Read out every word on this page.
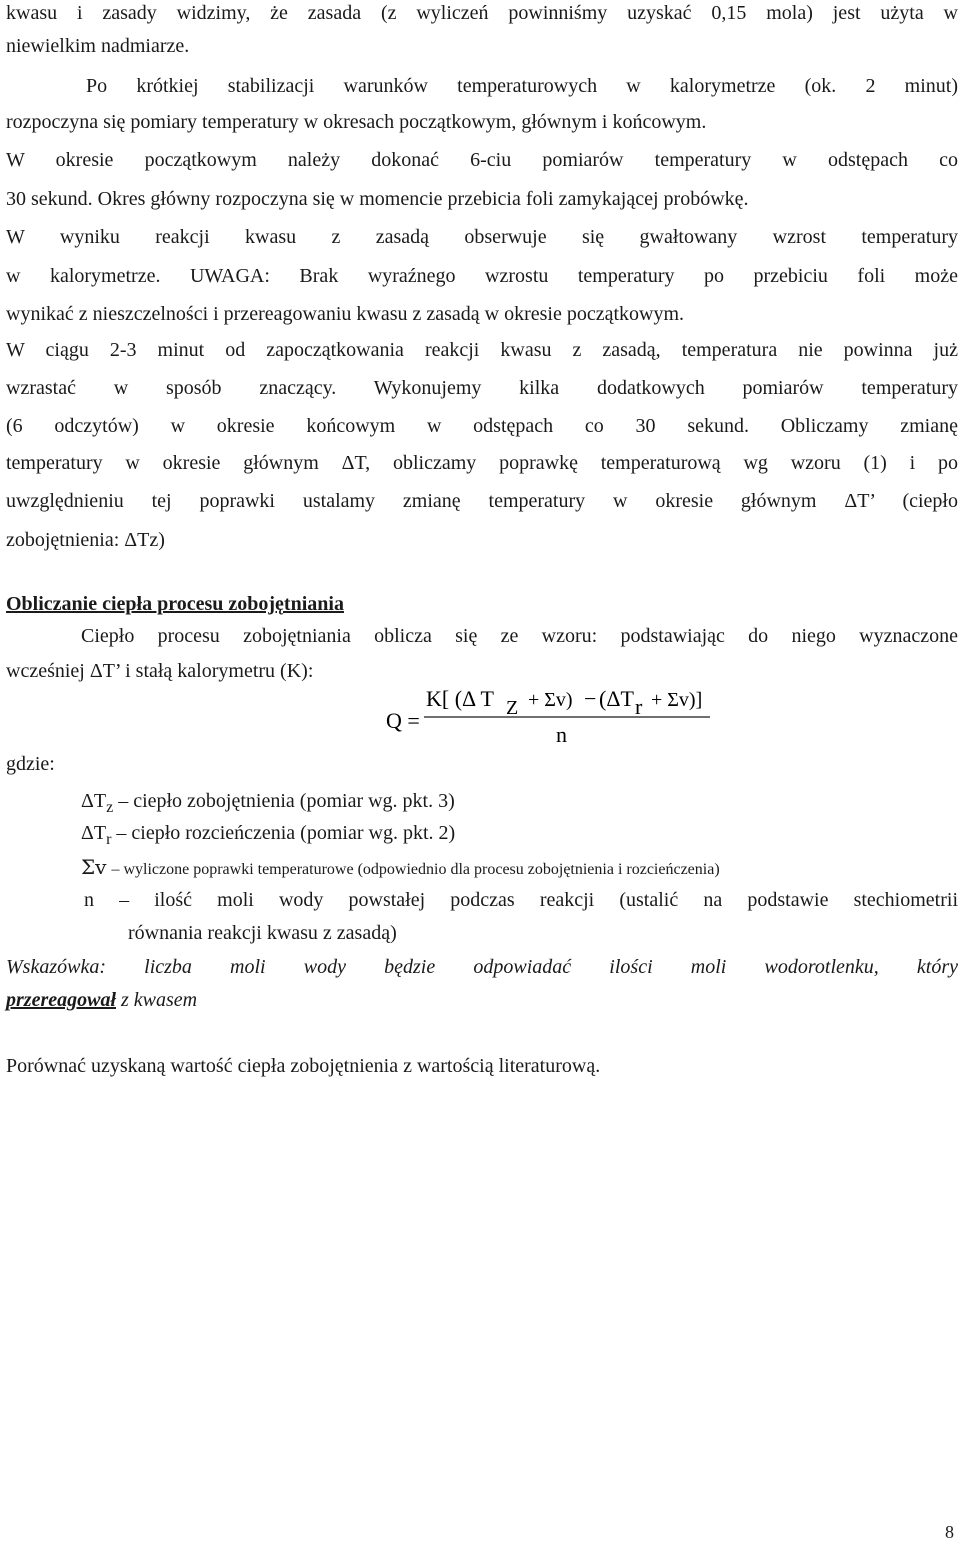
kwasu i zasady widzimy, że zasada (z wyliczeń powinniśmy uzyskać 0,15 mola) jest użyta w
niewielkim nadmiarze.
Po krótkiej stabilizacji warunków temperaturowych w kalorymetrze (ok. 2 minut)
rozpoczyna się pomiary temperatury w okresach początkowym, głównym i końcowym.
W okresie początkowym należy dokonać 6-ciu pomiarów temperatury w odstępach co
30 sekund. Okres główny rozpoczyna się w momencie przebicia foli zamykającej probówkę.
W wyniku reakcji kwasu z zasadą obserwuje się gwałtowany wzrost temperatury
w kalorymetrze. UWAGA: Brak wyraźnego wzrostu temperatury po przebiciu foli może
wynikać z nieszczelności i przereagowaniu kwasu z zasadą w okresie początkowym.
W ciągu 2-3 minut od zapoczątkowania reakcji kwasu z zasadą, temperatura nie powinna już
wzrastać w sposób znaczący. Wykonujemy kilka dodatkowych pomiarów temperatury
(6 odczytów) w okresie końcowym w odstępach co 30 sekund. Obliczamy zmianę
temperatury w okresie głównym ΔT, obliczamy poprawkę temperaturową wg wzoru (1) i po
uwzględnieniu tej poprawki ustalamy zmianę temperatury w okresie głównym ΔT’ (ciepło
zobojętnienia: ΔTz)
Obliczanie ciepła procesu zobojętniania
Ciepło procesu zobojętniania oblicza się ze wzoru: podstawiając do niego wyznaczone
wcześniej ΔT’ i stałą kalorymetru (K):
Q =
K[ (Δ T Z + Σv) − (ΔT r + Σv)]
n
gdzie:
$\Delta T_z$ – ciepło zobojętnienia (pomiar wg. pkt. 3)
$\Delta T_r$ – ciepło rozcieńczenia (pomiar wg. pkt. 2)
Σv – wyliczone poprawki temperaturowe (odpowiednio dla procesu zobojętnienia i rozcieńczenia)
n – ilość moli wody powstałej podczas reakcji (ustalić na podstawie stechiometrii
równania reakcji kwasu z zasadą)
Wskazówka: liczba moli wody będzie odpowiadać ilości moli wodorotlenku, który
przereagował z kwasem
Porównać uzyskaną wartość ciepła zobojętnienia z wartością literaturową.
8
